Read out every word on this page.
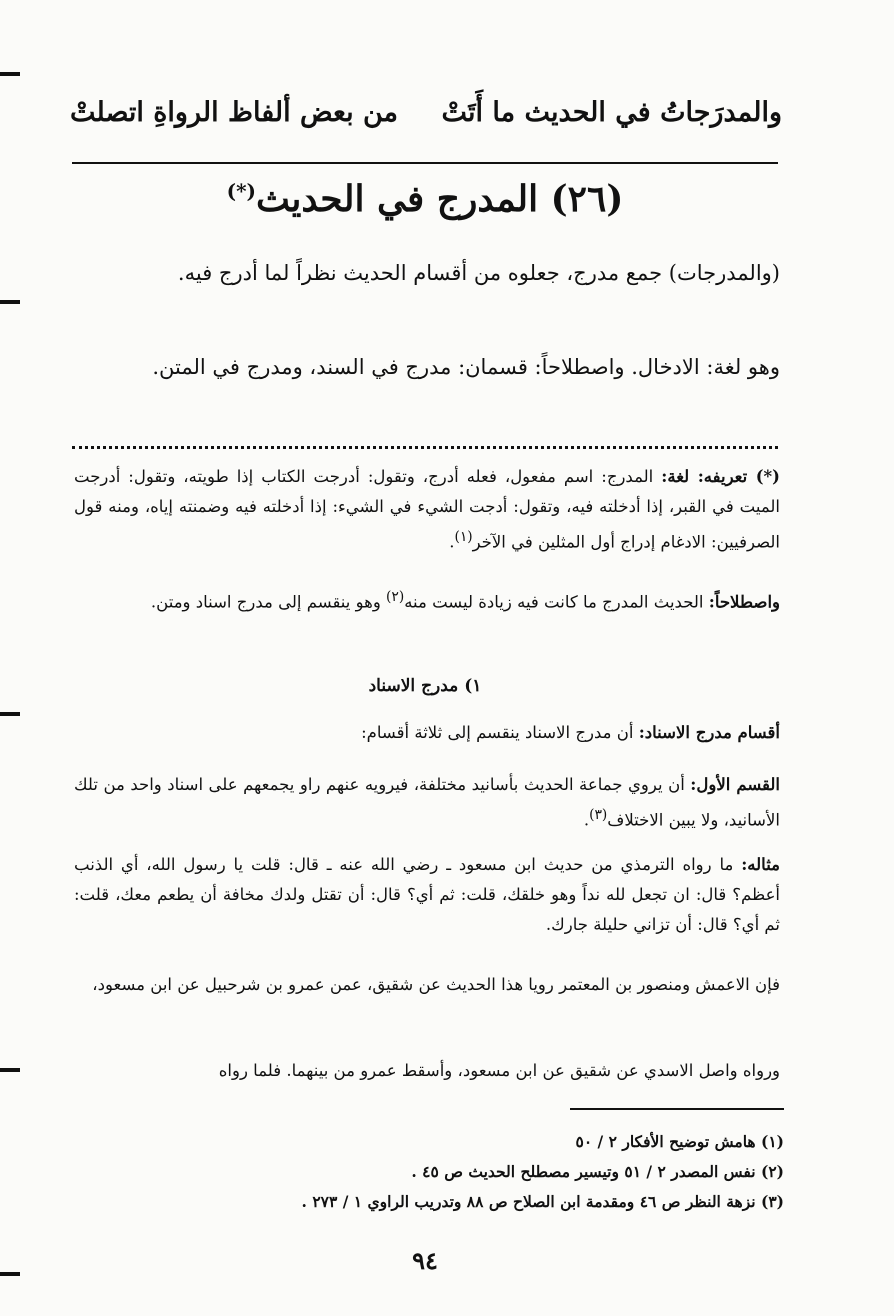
والمدرَجاتُ في الحديث ما أَتَتْ
من بعض ألفاظ الرواةِ اتصلتْ
(٢٦) المدرج في الحديث(*)
(والمدرجات) جمع مدرج، جعلوه من أقسام الحديث نظراً لما أدرج فيه.
وهو لغة: الادخال. واصطلاحاً: قسمان: مدرج في السند، ومدرج في المتن.
(*) تعريفه: لغة: المدرج: اسم مفعول، فعله أدرج، وتقول: أدرجت الكتاب إذا طويته، وتقول: أدرجت الميت في القبر، إذا أدخلته فيه، وتقول: أدجت الشيء في الشيء: إذا أدخلته فيه وضمنته إياه، ومنه قول الصرفيين: الادغام إدراج أول المثلين في الآخر$^{(١)}$.
واصطلاحاً: الحديث المدرج ما كانت فيه زيادة ليست منه$^{(٢)}$ وهو ينقسم إلى مدرج اسناد ومتن.
١) مدرج الاسناد
أقسام مدرج الاسناد: أن مدرج الاسناد ينقسم إلى ثلاثة أقسام:
القسم الأول: أن يروي جماعة الحديث بأسانيد مختلفة، فيرويه عنهم راو يجمعهم على اسناد واحد من تلك الأسانيد، ولا يبين الاختلاف$^{(٣)}$.
مثاله: ما رواه الترمذي من حديث ابن مسعود ـ رضي الله عنه ـ قال: قلت يا رسول الله، أي الذنب أعظم؟ قال: ان تجعل لله نداً وهو خلقك، قلت: ثم أي؟ قال: أن تقتل ولدك مخافة أن يطعم معك، قلت: ثم أي؟ قال: أن تزاني حليلة جارك.
فإن الاعمش ومنصور بن المعتمر رويا هذا الحديث عن شقيق، عمن عمرو بن شرحبيل عن ابن مسعود،
ورواه واصل الاسدي عن شقيق عن ابن مسعود، وأسقط عمرو من بينهما. فلما رواه
(١) هامش توضيح الأفكار ٢ / ٥٠
(٢) نفس المصدر ٢ / ٥١ وتيسير مصطلح الحديث ص ٤٥ .
(٣) نزهة النظر ص ٤٦ ومقدمة ابن الصلاح ص ٨٨ وتدريب الراوي ١ / ٢٧٣ .
٩٤
